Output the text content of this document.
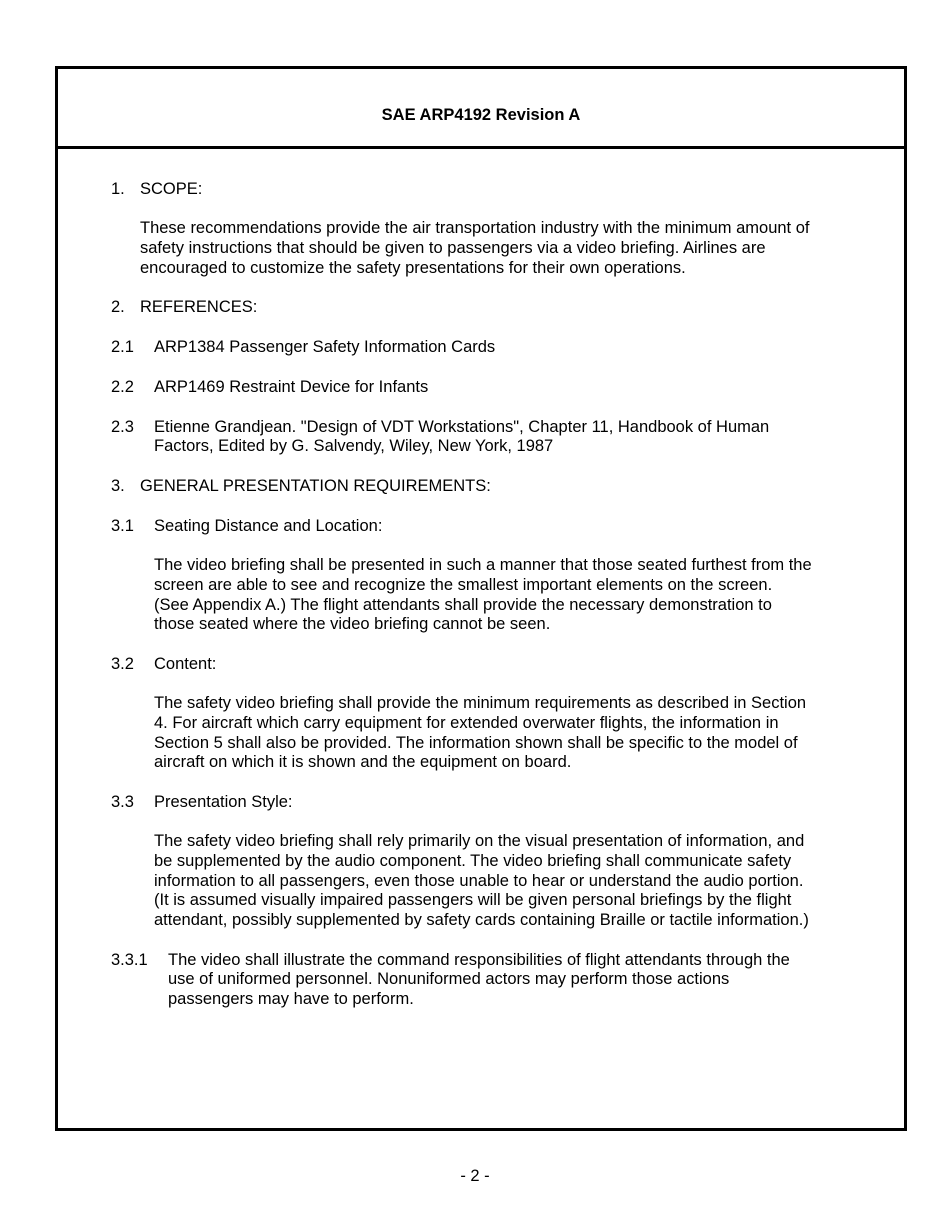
SAE ARP4192 Revision A

1. SCOPE:

These recommendations provide the air transportation industry with the minimum amount of

safety instructions that should be given to passengers via a video briefing. Airlines are

encouraged to customize the safety presentations for their own operations.

2. REFERENCES:

2.1 ARP1384 Passenger Safety Information Cards

2.2 ARP1469 Restraint Device for Infants

2.3 Etienne Grandjean. "Design of VDT Workstations", Chapter 11, Handbook of Human

Factors, Edited by G. Salvendy, Wiley, New York, 1987

3. GENERAL PRESENTATION REQUIREMENTS:

3.1 Seating Distance and Location:

The video briefing shall be presented in such a manner that those seated furthest from the

screen are able to see and recognize the smallest important elements on the screen.

(See Appendix A.) The flight attendants shall provide the necessary demonstration to

those seated where the video briefing cannot be seen.

3.2 Content:

The safety video briefing shall provide the minimum requirements as described in Section

4. For aircraft which carry equipment for extended overwater flights, the information in

Section 5 shall also be provided. The information shown shall be specific to the model of

aircraft on which it is shown and the equipment on board.

3.3 Presentation Style:

The safety video briefing shall rely primarily on the visual presentation of information, and

be supplemented by the audio component. The video briefing shall communicate safety

information to all passengers, even those unable to hear or understand the audio portion.

(It is assumed visually impaired passengers will be given personal briefings by the flight

attendant, possibly supplemented by safety cards containing Braille or tactile information.)

3.3.1 The video shall illustrate the command responsibilities of flight attendants through the

use of uniformed personnel. Nonuniformed actors may perform those actions

passengers may have to perform.

- 2 -
